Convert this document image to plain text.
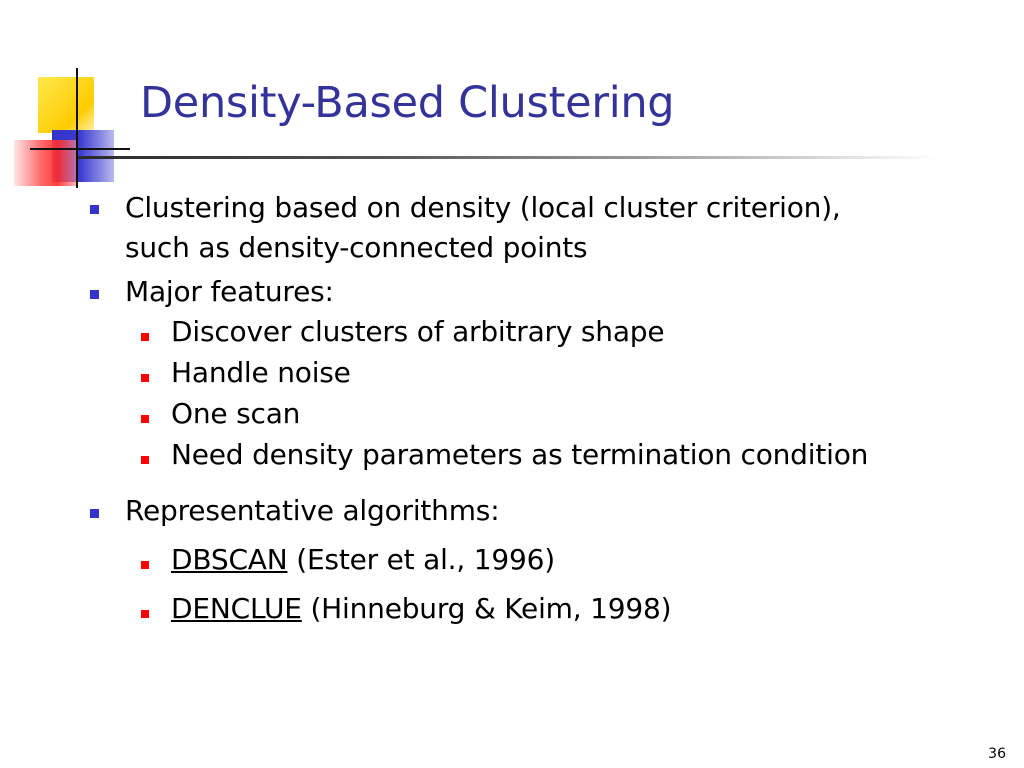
Density-Based Clustering
Clustering based on density (local cluster criterion),
such as density-connected points
Major features:
Discover clusters of arbitrary shape
Handle noise
One scan
Need density parameters as termination condition
Representative algorithms:
DBSCAN (Ester et al., 1996)
DENCLUE (Hinneburg & Keim, 1998)
36
